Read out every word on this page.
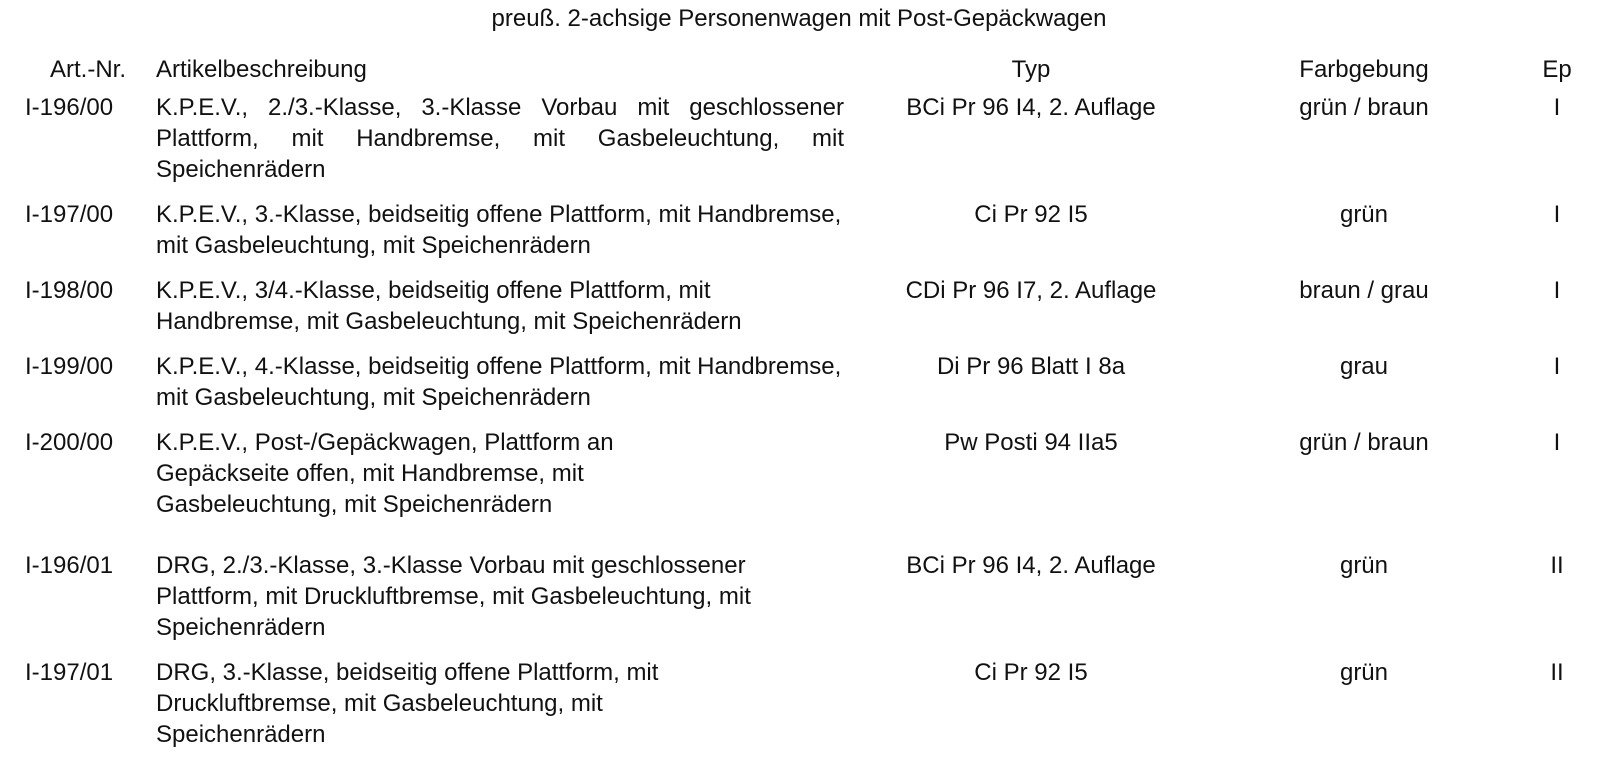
preuß. 2-achsige Personenwagen mit Post-Gepäckwagen
Art.-Nr.	Artikelbeschreibung	Typ	Farbgebung	Ep
I-196/00	K.P.E.V., 2./3.-Klasse, 3.-Klasse Vorbau mit geschlossener Plattform, mit Handbremse, mit Gasbeleuchtung, mit Speichenrädern	BCi Pr 96 I4, 2. Auflage	grün / braun	I
I-197/00	K.P.E.V., 3.-Klasse, beidseitig offene Plattform, mit Handbremse, mit Gasbeleuchtung, mit Speichenrädern	Ci Pr 92 I5	grün	I
I-198/00	K.P.E.V., 3/4.-Klasse, beidseitig offene Plattform, mit Handbremse, mit Gasbeleuchtung, mit Speichenrädern	CDi Pr 96 I7, 2. Auflage	braun / grau	I
I-199/00	K.P.E.V., 4.-Klasse, beidseitig offene Plattform, mit Handbremse, mit Gasbeleuchtung, mit Speichenrädern	Di Pr 96 Blatt I 8a	grau	I
I-200/00	K.P.E.V., Post-/Gepäckwagen, Plattform an Gepäckseite offen, mit Handbremse, mit Gasbeleuchtung, mit Speichenrädern	Pw Posti 94 IIa5	grün / braun	I
I-196/01	DRG, 2./3.-Klasse, 3.-Klasse Vorbau mit geschlossener Plattform, mit Druckluftbremse, mit Gasbeleuchtung, mit Speichenrädern	BCi Pr 96 I4, 2. Auflage	grün	II
I-197/01	DRG, 3.-Klasse, beidseitig offene Plattform, mit Druckluftbremse, mit Gasbeleuchtung, mit Speichenrädern	Ci Pr 92 I5	grün	II
